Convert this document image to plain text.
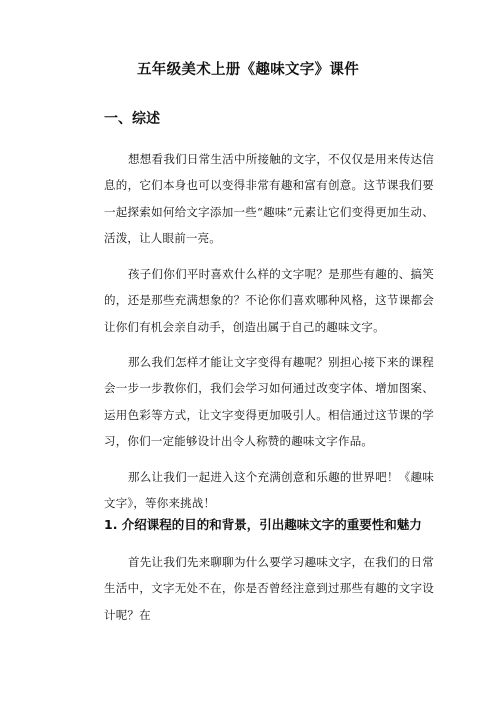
五年级美术上册《趣味文字》课件
一、综述

想想看我们日常生活中所接触的文字，不仅仅是用来传达信息的，它们本身也可以变得非常有趣和富有创意。这节课我们要一起探索如何给文字添加一些“趣味”元素让它们变得更加生动、活泼，让人眼前一亮。

孩子们你们平时喜欢什么样的文字呢？是那些有趣的、搞笑的，还是那些充满想象的？不论你们喜欢哪种风格，这节课都会让你们有机会亲自动手，创造出属于自己的趣味文字。

那么我们怎样才能让文字变得有趣呢？别担心接下来的课程会一步一步教你们，我们会学习如何通过改变字体、增加图案、运用色彩等方式，让文字变得更加吸引人。相信通过这节课的学习，你们一定能够设计出令人称赞的趣味文字作品。

那么让我们一起进入这个充满创意和乐趣的世界吧！《趣味文字》，等你来挑战！

1. 介绍课程的目的和背景，引出趣味文字的重要性和魅力

首先让我们先来聊聊为什么要学习趣味文字，在我们的日常生活中，文字无处不在，你是否曾经注意到过那些有趣的文字设计呢？在
